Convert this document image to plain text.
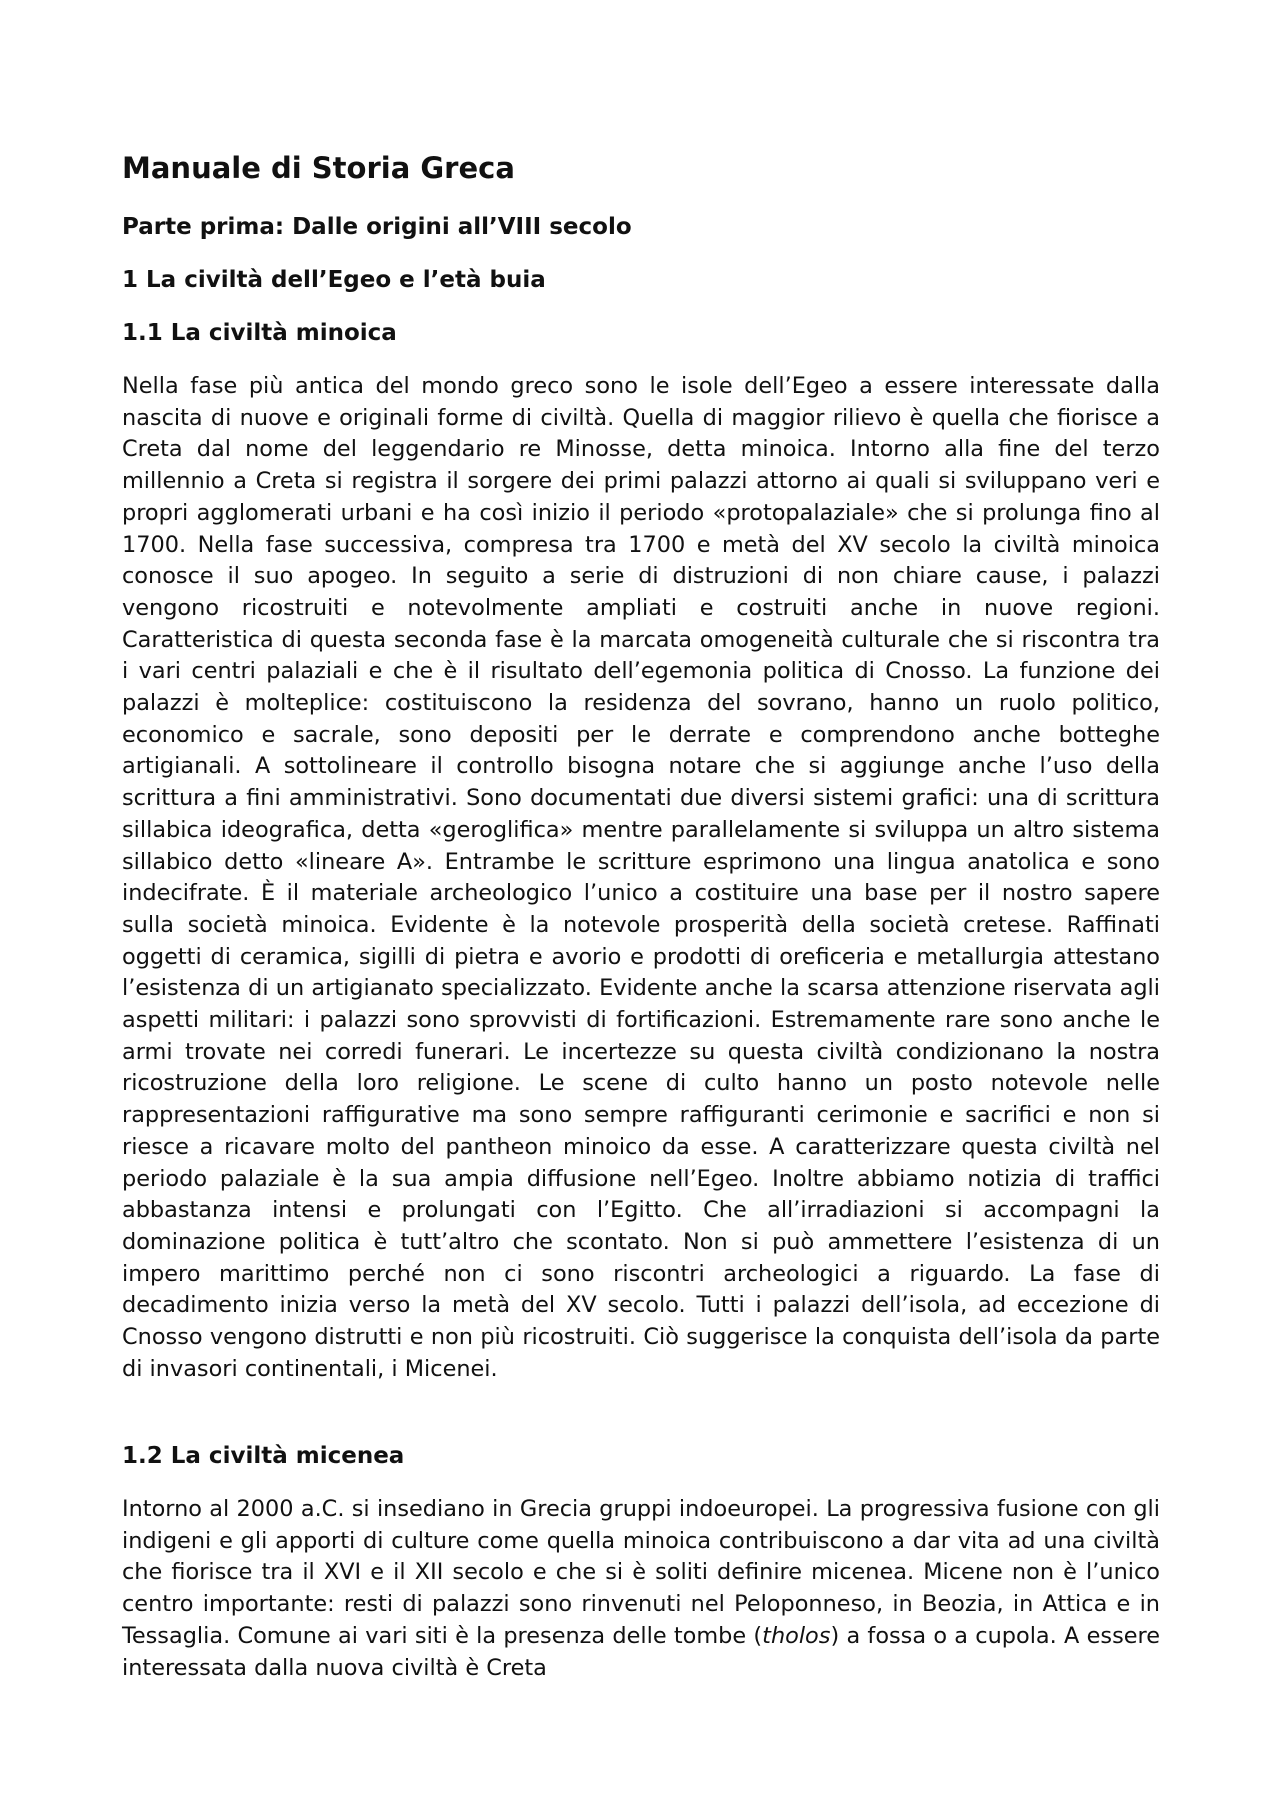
Manuale di Storia Greca
Parte prima: Dalle origini all’VIII secolo
1 La civiltà dell’Egeo e l’età buia
1.1 La civiltà minoica

Nella fase più antica del mondo greco sono le isole dell’Egeo a essere interessate dalla nascita di nuove e originali forme di civiltà. Quella di maggior rilievo è quella che fiorisce a Creta dal nome del leggendario re Minosse, detta minoica. Intorno alla fine del terzo millennio a Creta si registra il sorgere dei primi palazzi attorno ai quali si sviluppano veri e propri agglomerati urbani e ha così inizio il periodo «protopalaziale» che si prolunga fino al 1700. Nella fase successiva, compresa tra 1700 e metà del XV secolo la civiltà minoica conosce il suo apogeo. In seguito a serie di distruzioni di non chiare cause, i palazzi vengono ricostruiti e notevolmente ampliati e costruiti anche in nuove regioni. Caratteristica di questa seconda fase è la marcata omogeneità culturale che si riscontra tra i vari centri palaziali e che è il risultato dell’egemonia politica di Cnosso. La funzione dei palazzi è molteplice: costituiscono la residenza del sovrano, hanno un ruolo politico, economico e sacrale, sono depositi per le derrate e comprendono anche botteghe artigianali. A sottolineare il controllo bisogna notare che si aggiunge anche l’uso della scrittura a fini amministrativi. Sono documentati due diversi sistemi grafici: una di scrittura sillabica ideografica, detta «geroglifica» mentre parallelamente si sviluppa un altro sistema sillabico detto «lineare A». Entrambe le scritture esprimono una lingua anatolica e sono indecifrate. È il materiale archeologico l’unico a costituire una base per il nostro sapere sulla società minoica. Evidente è la notevole prosperità della società cretese. Raffinati oggetti di ceramica, sigilli di pietra e avorio e prodotti di oreficeria e metallurgia attestano l’esistenza di un artigianato specializzato. Evidente anche la scarsa attenzione riservata agli aspetti militari: i palazzi sono sprovvisti di fortificazioni. Estremamente rare sono anche le armi trovate nei corredi funerari. Le incertezze su questa civiltà condizionano la nostra ricostruzione della loro religione. Le scene di culto hanno un posto notevole nelle rappresentazioni raffigurative ma sono sempre raffiguranti cerimonie e sacrifici e non si riesce a ricavare molto del pantheon minoico da esse. A caratterizzare questa civiltà nel periodo palaziale è la sua ampia diffusione nell’Egeo. Inoltre abbiamo notizia di traffici abbastanza intensi e prolungati con l’Egitto. Che all’irradiazioni si accompagni la dominazione politica è tutt’altro che scontato. Non si può ammettere l’esistenza di un impero marittimo perché non ci sono riscontri archeologici a riguardo. La fase di decadimento inizia verso la metà del XV secolo. Tutti i palazzi dell’isola, ad eccezione di Cnosso vengono distrutti e non più ricostruiti. Ciò suggerisce la conquista dell’isola da parte di invasori continentali, i Micenei.

1.2 La civiltà micenea

Intorno al 2000 a.C. si insediano in Grecia gruppi indoeuropei. La progressiva fusione con gli indigeni e gli apporti di culture come quella minoica contribuiscono a dar vita ad una civiltà che fiorisce tra il XVI e il XII secolo e che si è soliti definire micenea. Micene non è l’unico centro importante: resti di palazzi sono rinvenuti nel Peloponneso, in Beozia, in Attica e in Tessaglia. Comune ai vari siti è la presenza delle tombe (tholos) a fossa o a cupola. A essere interessata dalla nuova civiltà è Creta
